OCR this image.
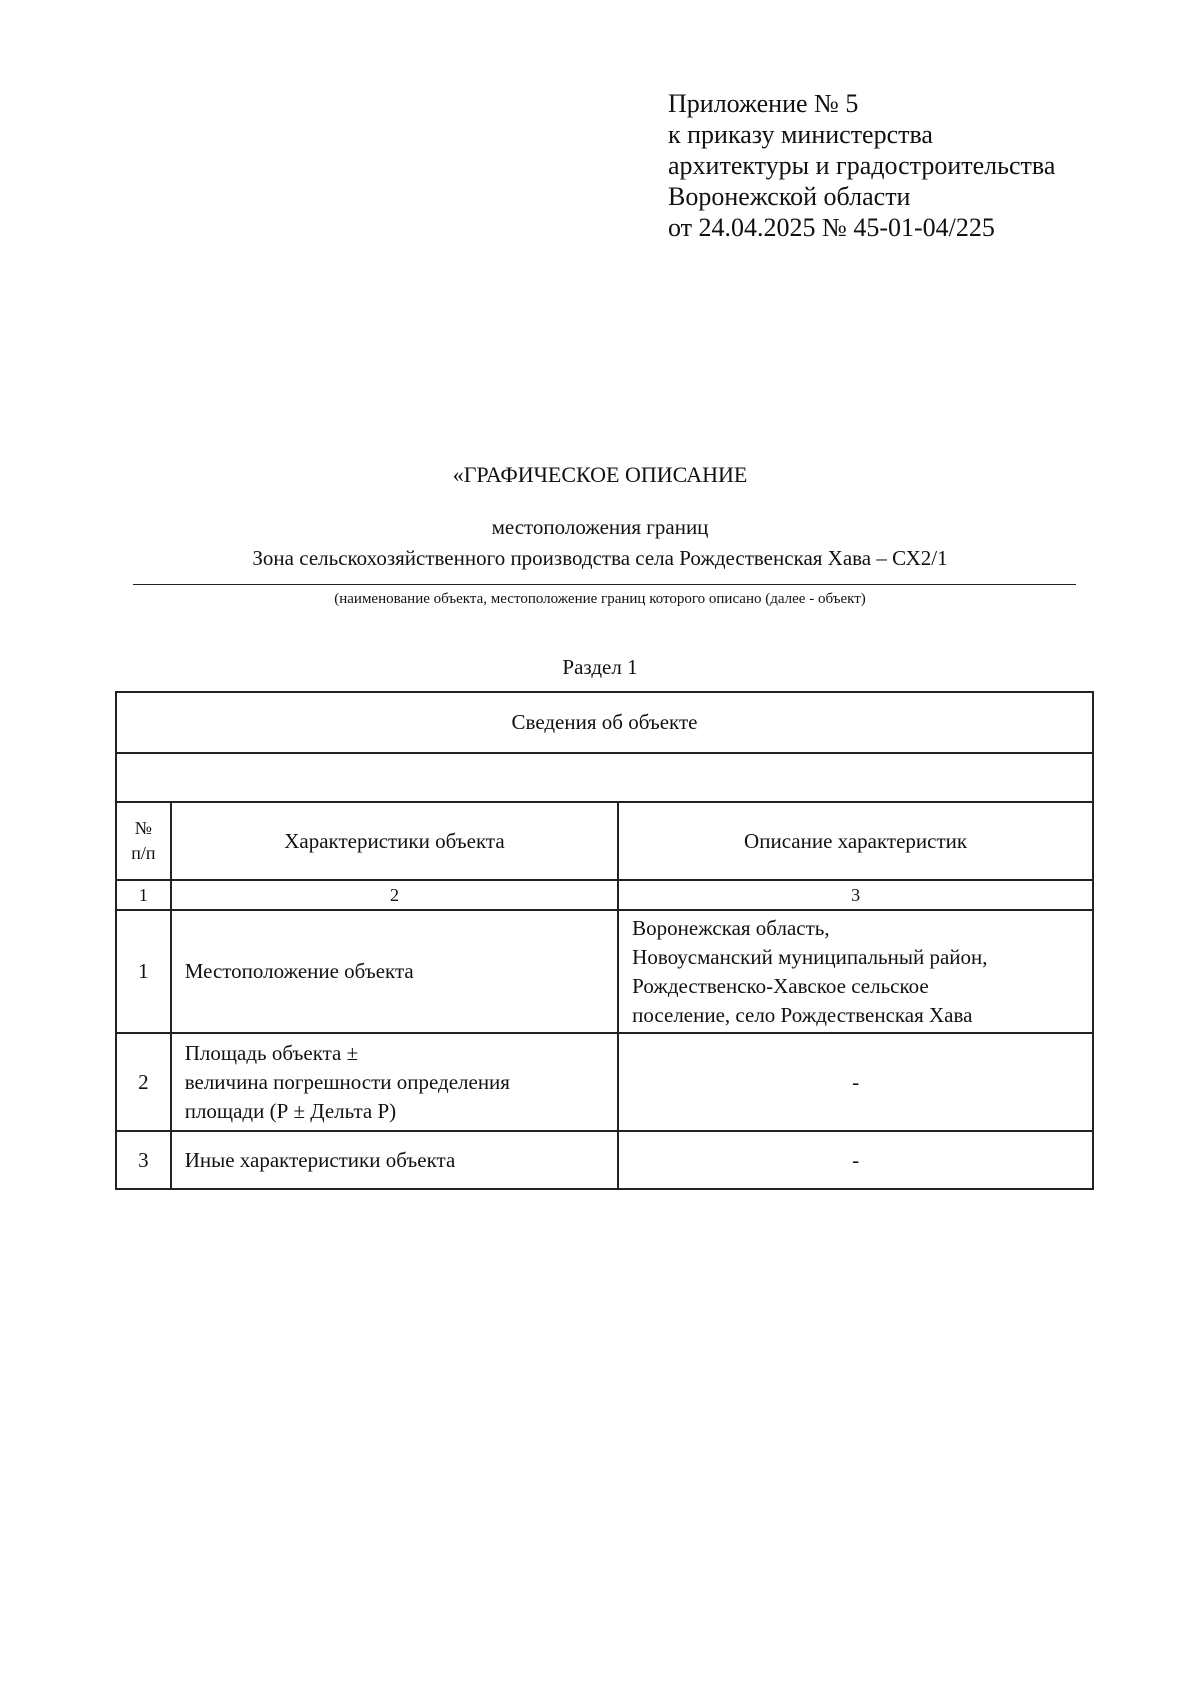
Приложение № 5
к приказу министерства
архитектуры и градостроительства
Воронежской области
от 24.04.2025 № 45-01-04/225
«ГРАФИЧЕСКОЕ ОПИСАНИЕ
местоположения границ
Зона сельскохозяйственного производства села Рождественская Хава – СХ2/1
(наименование объекта, местоположение границ которого описано (далее - объект)
Раздел 1
Сведения об объекте		

№
п/п	Характеристики объекта	Описание характеристик
1	2	3
1	Местоположение объекта	Воронежская область,
Новоусманский муниципальный район,
Рождественско-Хавское сельское
поселение, село Рождественская Хава

2	Площадь объекта ±
величина погрешности определения
площади (Р ± Дельта Р)	-
3	Иные характеристики объекта	-
